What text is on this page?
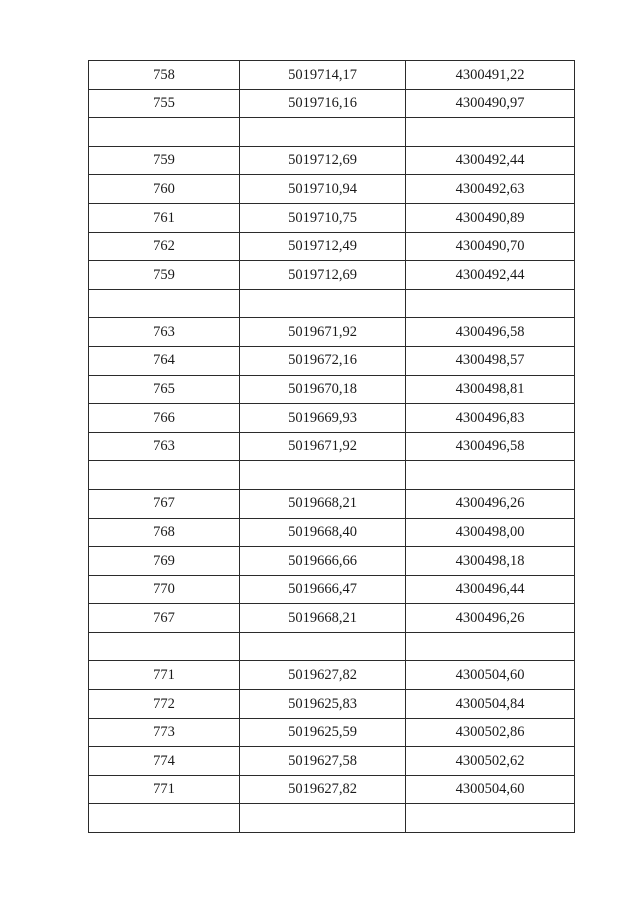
758	5019714,17	4300491,22
755	5019716,16	4300490,97

759	5019712,69	4300492,44
760	5019710,94	4300492,63
761	5019710,75	4300490,89
762	5019712,49	4300490,70
759	5019712,69	4300492,44

763	5019671,92	4300496,58
764	5019672,16	4300498,57
765	5019670,18	4300498,81
766	5019669,93	4300496,83
763	5019671,92	4300496,58

767	5019668,21	4300496,26
768	5019668,40	4300498,00
769	5019666,66	4300498,18
770	5019666,47	4300496,44
767	5019668,21	4300496,26

771	5019627,82	4300504,60
772	5019625,83	4300504,84
773	5019625,59	4300502,86
774	5019627,58	4300502,62
771	5019627,82	4300504,60
